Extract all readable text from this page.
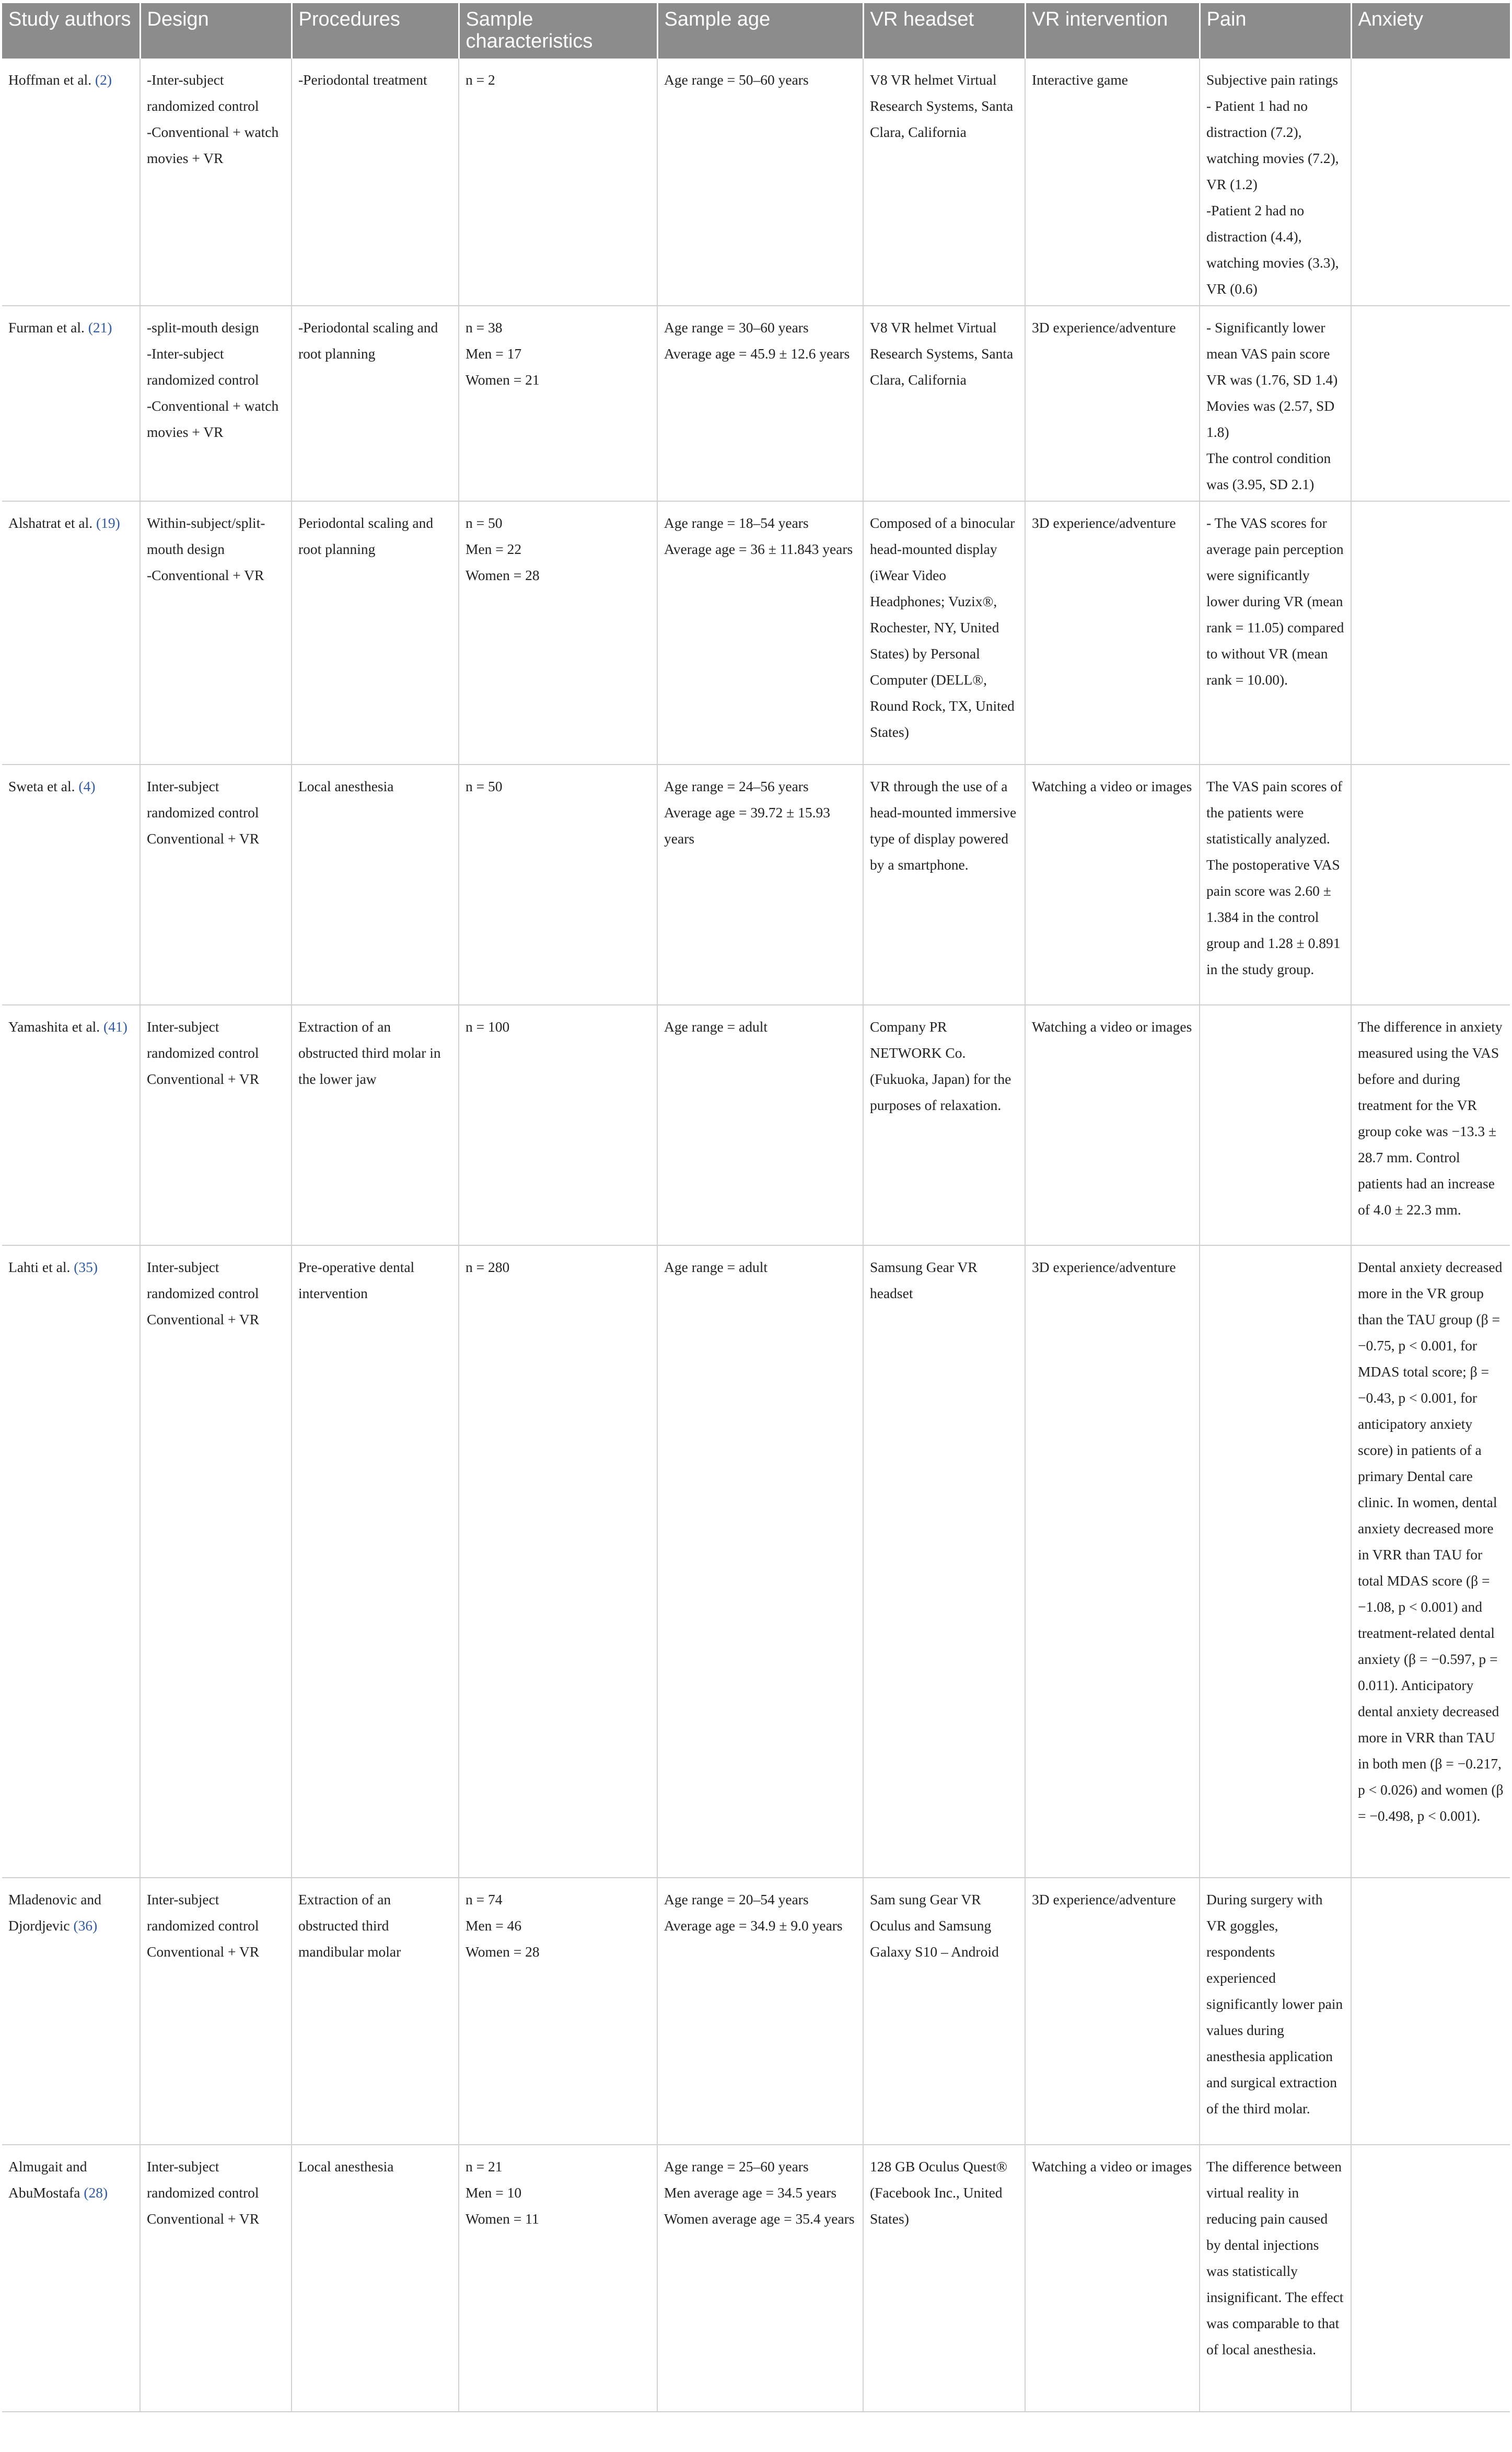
Study authors	Design	Procedures	Sample characteristics	Sample age	VR headset	VR intervention	Pain	Anxiety
Hoffman et al. (2)	-Inter-subject randomized control
-Conventional + watch movies + VR	-Periodontal treatment	n = 2	Age range = 50–60 years	V8 VR helmet Virtual Research Systems, Santa Clara, California	Interactive game	Subjective pain ratings
- Patient 1 had no distraction (7.2), watching movies (7.2), VR (1.2)
-Patient 2 had no distraction (4.4), watching movies (3.3), VR (0.6)	

Furman et al. (21)	-split-mouth design
-Inter-subject randomized control
-Conventional + watch movies + VR	-Periodontal scaling and root planning	n = 38
Men = 17
Women = 21	Age range = 30–60 years
Average age = 45.9 ± 12.6 years	V8 VR helmet Virtual Research Systems, Santa Clara, California	3D experience/adventure	- Significantly lower mean VAS pain score VR was (1.76, SD 1.4) Movies was (2.57, SD 1.8)
The control condition was (3.95, SD 2.1)	

Alshatrat et al. (19)	Within-subject/split-mouth design
-Conventional + VR	Periodontal scaling and root planning	n = 50
Men = 22
Women = 28	Age range = 18–54 years
Average age = 36 ± 11.843 years	Composed of a binocular head-mounted display (iWear Video Headphones; Vuzix®, Rochester, NY, United States) by Personal Computer (DELL®, Round Rock, TX, United States)	3D experience/adventure	- The VAS scores for average pain perception were significantly lower during VR (mean rank = 11.05) compared to without VR (mean rank = 10.00).	

Sweta et al. (4)	Inter-subject randomized control
Conventional + VR	Local anesthesia	n = 50	Age range = 24–56 years
Average age = 39.72 ± 15.93 years	VR through the use of a head-mounted immersive type of display powered by a smartphone.	Watching a video or images	The VAS pain scores of the patients were statistically analyzed. The postoperative VAS pain score was 2.60 ± 1.384 in the control group and 1.28 ± 0.891 in the study group.	

Yamashita et al. (41)	Inter-subject randomized control
Conventional + VR	Extraction of an obstructed third molar in the lower jaw	n = 100	Age range = adult	Company PR NETWORK Co. (Fukuoka, Japan) for the purposes of relaxation.	Watching a video or images		The difference in anxiety measured using the VAS before and during treatment for the VR group coke was −13.3 ± 28.7 mm. Control patients had an increase of 4.0 ± 22.3 mm.

Lahti et al. (35)	Inter-subject randomized control
Conventional + VR	Pre-operative dental intervention	n = 280	Age range = adult	Samsung Gear VR headset	3D experience/adventure		Dental anxiety decreased more in the VR group than the TAU group (β = −0.75, p < 0.001, for MDAS total score; β = −0.43, p < 0.001, for anticipatory anxiety score) in patients of a primary Dental care clinic. In women, dental anxiety decreased more in VRR than TAU for total MDAS score (β = −1.08, p < 0.001) and treatment-related dental anxiety (β = −0.597, p = 0.011). Anticipatory dental anxiety decreased more in VRR than TAU in both men (β = −0.217, p < 0.026) and women (β = −0.498, p < 0.001).

Mladenovic and Djordjevic (36)	Inter-subject randomized control
Conventional + VR	Extraction of an obstructed third mandibular molar	n = 74
Men = 46
Women = 28	Age range = 20–54 years
Average age = 34.9 ± 9.0 years	Sam sung Gear VR Oculus and Samsung Galaxy S10 – Android	3D experience/adventure	During surgery with VR goggles, respondents experienced significantly lower pain values during anesthesia application and surgical extraction of the third molar.	

Almugait and AbuMostafa (28)	Inter-subject randomized control
Conventional + VR	Local anesthesia	n = 21
Men = 10
Women = 11	Age range = 25–60 years
Men average age = 34.5 years
Women average age = 35.4 years	128 GB Oculus Quest® (Facebook Inc., United States)	Watching a video or images	The difference between virtual reality in reducing pain caused by dental injections was statistically insignificant. The effect was comparable to that of local anesthesia.	
